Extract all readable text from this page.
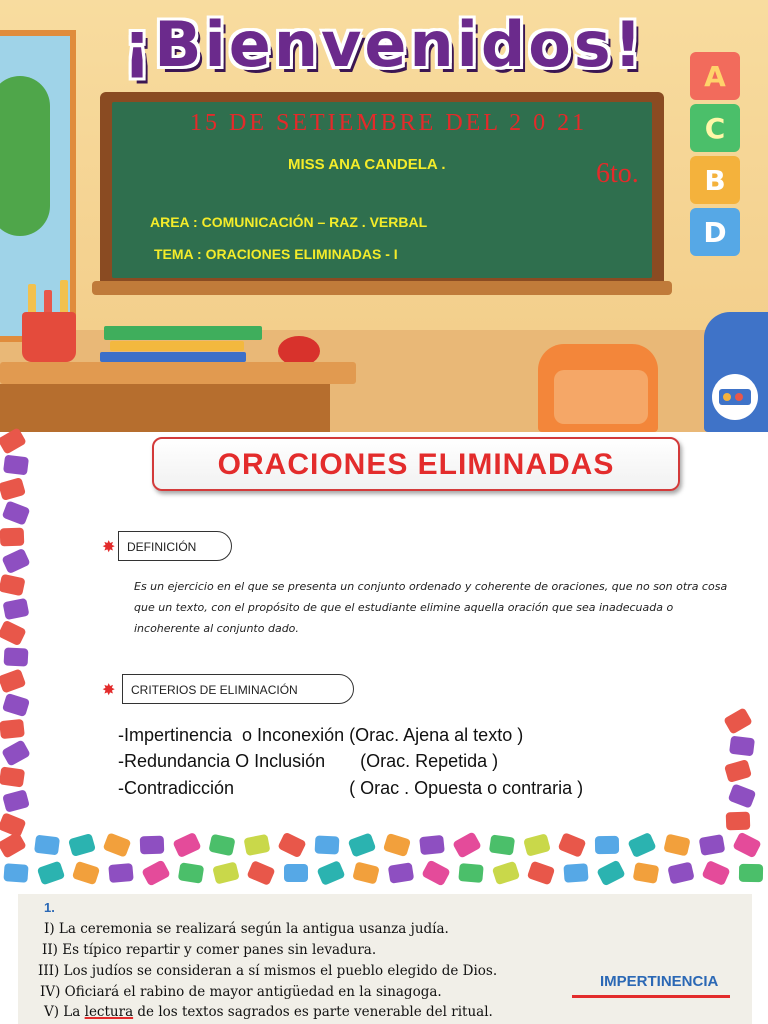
¡Bienvenidos!
15 DE SETIEMBRE DEL 2 0 21
MISS ANA CANDELA .	6to.
AREA : COMUNICACIÓN – RAZ . VERBAL
TEMA : ORACIONES ELIMINADAS - I
A
C
B
D
ORACIONES ELIMINADAS
✸ DEFINICIÓN
Es un ejercicio en el que se presenta un conjunto ordenado y coherente de oraciones, que no son otra cosa que un texto, con el propósito de que el estudiante elimine aquella oración que sea inadecuada o incoherente al conjunto dado.
✸	CRITERIOS DE ELIMINACIÓN
-Impertinencia  o Inconexión (Orac. Ajena al texto )
-Redundancia O Inclusión       (Orac. Repetida )
-Contradicción                       ( Orac . Opuesta o contraria )
1.
I) La ceremonia se realizará según la antigua usanza judía.
II) Es típico repartir y comer panes sin levadura.
III) Los judíos se consideran a sí mismos el pueblo elegido de Dios.
IV) Oficiará el rabino de mayor antigüedad en la sinagoga.
V) La lectura de los textos sagrados es parte venerable del ritual.
IMPERTINENCIA
